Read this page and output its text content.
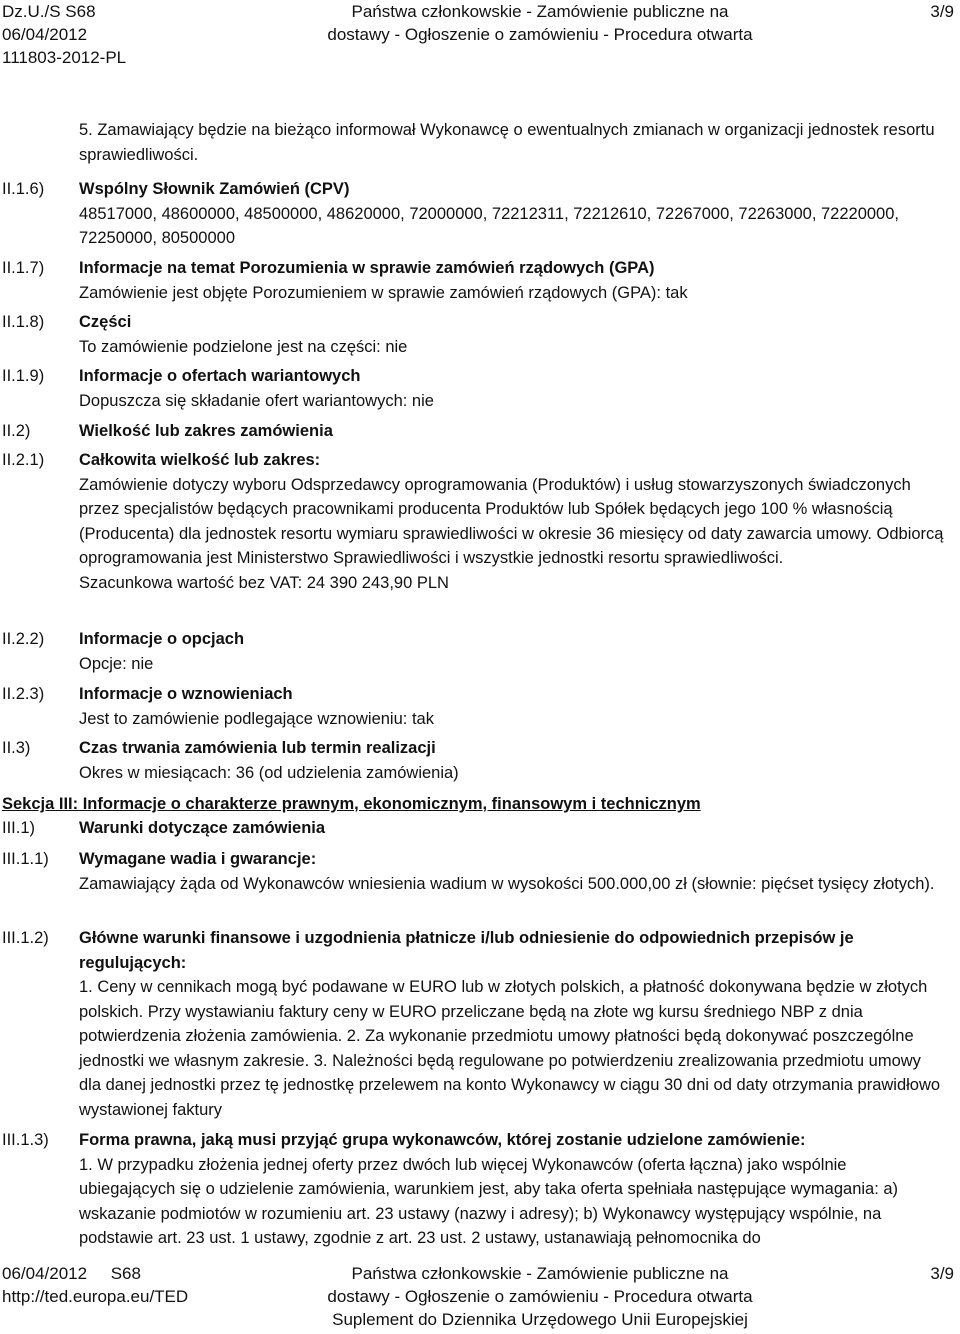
Dz.U./S S68
06/04/2012
111803-2012-PL
Państwa członkowskie - Zamówienie publiczne na
dostawy - Ogłoszenie o zamówieniu - Procedura otwarta
3/9
5. Zamawiający będzie na bieżąco informował Wykonawcę o ewentualnych zmianach w organizacji jednostek resortu sprawiedliwości.
II.1.6) Wspólny Słownik Zamówień (CPV)

48517000, 48600000, 48500000, 48620000, 72000000, 72212311, 72212610, 72267000, 72263000, 72220000, 72250000, 80500000

II.1.7) Informacje na temat Porozumienia w sprawie zamówień rządowych (GPA)

Zamówienie jest objęte Porozumieniem w sprawie zamówień rządowych (GPA): tak

II.1.8) Części

To zamówienie podzielone jest na części: nie

II.1.9) Informacje o ofertach wariantowych

Dopuszcza się składanie ofert wariantowych: nie

II.2)	Wielkość lub zakres zamówienia

II.2.1) Całkowita wielkość lub zakres:

Zamówienie dotyczy wyboru Odsprzedawcy oprogramowania (Produktów) i usług stowarzyszonych świadczonych przez specjalistów będących pracownikami producenta Produktów lub Spółek będących jego 100 % własnością (Producenta) dla jednostek resortu wymiaru sprawiedliwości w okresie 36 miesięcy od daty zawarcia umowy. Odbiorcą oprogramowania jest Ministerstwo Sprawiedliwości i wszystkie jednostki resortu sprawiedliwości.

Szacunkowa wartość bez VAT: 24 390 243,90 PLN

II.2.2) Informacje o opcjach

Opcje: nie

II.2.3) Informacje o wznowieniach

Jest to zamówienie podlegające wznowieniu: tak

II.3)	Czas trwania zamówienia lub termin realizacji

Okres w miesiącach: 36 (od udzielenia zamówienia)

Sekcja III: Informacje o charakterze prawnym, ekonomicznym, finansowym i technicznym
III.1)	Warunki dotyczące zamówienia

III.1.1) Wymagane wadia i gwarancje:

Zamawiający żąda od Wykonawców wniesienia wadium w wysokości 500.000,00 zł (słownie: pięćset tysięcy złotych).

III.1.2) Główne warunki finansowe i uzgodnienia płatnicze i/lub odniesienie do odpowiednich przepisów je regulujących:

1. Ceny w cennikach mogą być podawane w EURO lub w złotych polskich, a płatność dokonywana będzie w złotych polskich. Przy wystawianiu faktury ceny w EURO przeliczane będą na złote wg kursu średniego NBP z dnia potwierdzenia złożenia zamówienia. 2. Za wykonanie przedmiotu umowy płatności będą dokonywać poszczególne jednostki we własnym zakresie. 3. Należności będą regulowane po potwierdzeniu zrealizowania przedmiotu umowy dla danej jednostki przez tę jednostkę przelewem na konto Wykonawcy w ciągu 30 dni od daty otrzymania prawidłowo wystawionej faktury

III.1.3) Forma prawna, jaką musi przyjąć grupa wykonawców, której zostanie udzielone zamówienie:

1. W przypadku złożenia jednej oferty przez dwóch lub więcej Wykonawców (oferta łączna) jako wspólnie ubiegających się o udzielenie zamówienia, warunkiem jest, aby taka oferta spełniała następujące wymagania: a) wskazanie podmiotów w rozumieniu art. 23 ustawy (nazwy i adresy); b) Wykonawcy występujący wspólnie, na podstawie art. 23 ust. 1 ustawy, zgodnie z art. 23 ust. 2 ustawy, ustanawiają pełnomocnika do

06/04/2012     S68
http://ted.europa.eu/TED
Państwa członkowskie - Zamówienie publiczne na
dostawy - Ogłoszenie o zamówieniu - Procedura otwarta
Suplement do Dziennika Urzędowego Unii Europejskiej
3/9
